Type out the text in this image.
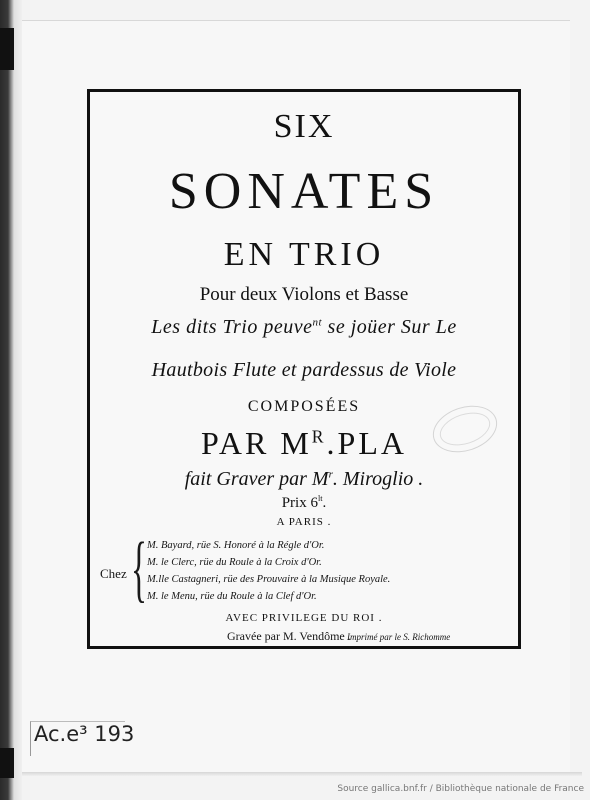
SIX
SONATES
EN TRIO
Pour deux Violons et Basse
Les dits Trio peuve$^{nt}$ se joüer Sur Le
Hautbois Flute et pardessus de Viole
COMPOSÉES
PAR $M^R.PLA$
fait Graver par $M^r$. Miroglio .
Prix $6^{lt}$.
A PARIS .
Chez { M. Bayard, rüe S. Honoré à la Régle d'Or.
M. le Clerc, rüe du Roule à la Croix d'Or.
M.lle Castagneri, rüe des Prouvaire à la Musique Royale.
M. le Menu, rüe du Roule à la Clef d'Or.
AVEC PRIVILEGE DU ROI .
Gravée par M. Vendôme .
Imprimé par le S. Richomme
Ac.e³ 193
Source gallica.bnf.fr / Bibliothèque nationale de France
